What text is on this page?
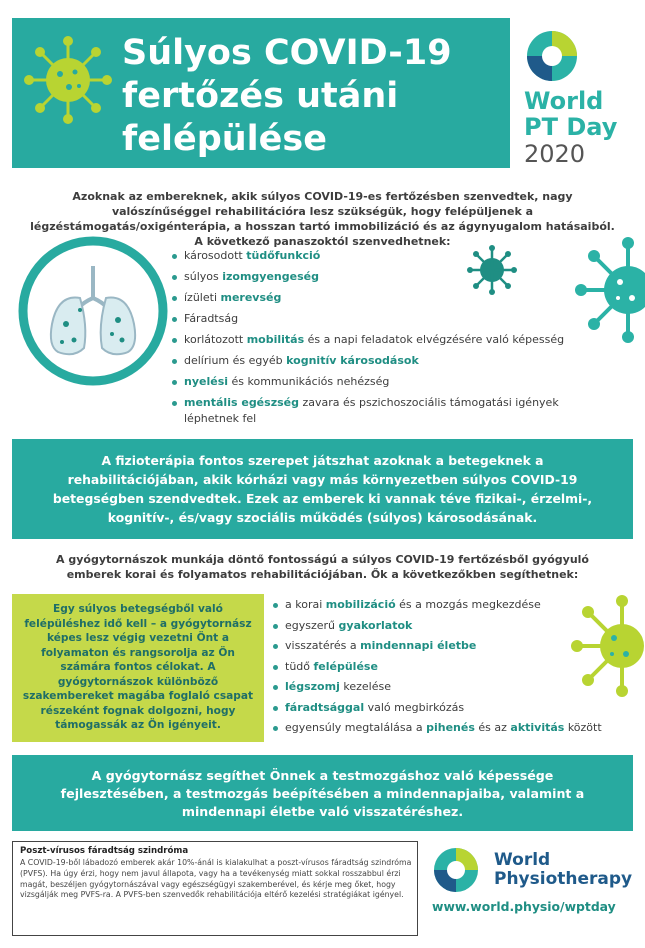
Súlyos COVID-19
fertőzés utáni
felépülése
World
PT Day
2020
Azoknak az embereknek, akik súlyos COVID-19-es fertőzésben szenvedtek, nagy valószínűséggel rehabilitációra lesz szükségük, hogy felépüljenek a légzéstámogatás/oxigénterápia, a hosszan tartó immobilizáció és az ágynyugalom hatásaiból. A következő panaszoktól szenvedhetnek:
károsodott tüdőfunkció
súlyos izomgyengeség
ízületi merevség
Fáradtság
korlátozott mobilitás és a napi feladatok elvégzésére való képesség
delírium és egyéb kognitív károsodások
nyelési és kommunikációs nehézség
mentális egészség zavara és pszichoszociális támogatási igények léphetnek fel

A fizioterápia fontos szerepet játszhat azoknak a betegeknek a rehabilitációjában, akik kórházi vagy más környezetben súlyos COVID-19 betegségben szendvedtek. Ezek az emberek ki vannak téve fizikai-, érzelmi-, kognitív-, és/vagy szociális működés (súlyos) károsodásának.

A gyógytornászok munkája döntő fontosságú a súlyos COVID-19 fertőzésből gyógyuló emberek korai és folyamatos rehabilitációjában. Ők a következőkben segíthetnek:

Egy súlyos betegségből való felépüléshez idő kell – a gyógytornász képes lesz végig vezetni Önt a folyamaton és rangsorolja az Ön számára fontos célokat. A gyógytornászok különböző szakembereket magába foglaló csapat részeként fognak dolgozni, hogy támogassák az Ön igényeit.

a korai mobilizáció és a mozgás megkezdése
egyszerű gyakorlatok
visszatérés a mindennapi életbe
tüdő felépülése
légszomj kezelése
fáradtsággal való megbirkózás
egyensúly megtalálása a pihenés és az aktivitás között

A gyógytornász segíthet Önnek a testmozgáshoz való képessége fejlesztésében, a testmozgás beépítésében a mindennapjaiba, valamint a mindennapi életbe való visszatéréshez.

Poszt-vírusos fáradtság szindróma
A COVID-19-ből lábadozó emberek akár 10%-ánál is kialakulhat a poszt-vírusos fáradtság szindróma (PVFS). Ha úgy érzi, hogy nem javul állapota, vagy ha a tevékenység miatt sokkal rosszabbul érzi magát, beszéljen gyógytornászával vagy egészségügyi szakemberével, és kérje meg őket, hogy vizsgálják meg PVFS-ra. A PVFS-ben szenvedők rehabilitációja eltérő kezelési stratégiákat igényel.
World
Physiotherapy
www.world.physio/wptday
